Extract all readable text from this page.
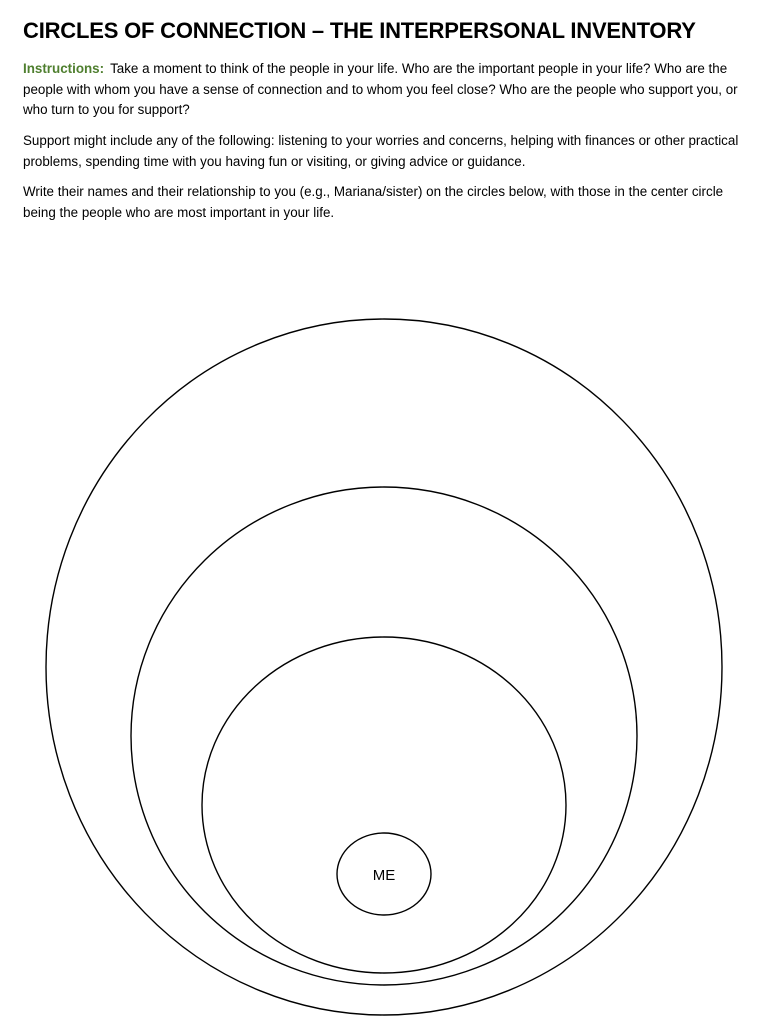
CIRCLES OF CONNECTION – THE INTERPERSONAL INVENTORY

Instructions: Take a moment to think of the people in your life. Who are the important people in your life? Who are the people with whom you have a sense of connection and to whom you feel close? Who are the people who support you, or who turn to you for support?

Support might include any of the following: listening to your worries and concerns, helping with finances or other practical problems, spending time with you having fun or visiting, or giving advice or guidance.

Write their names and their relationship to you (e.g., Mariana/sister) on the circles below, with those in the center circle being the people who are most important in your life.

ME
